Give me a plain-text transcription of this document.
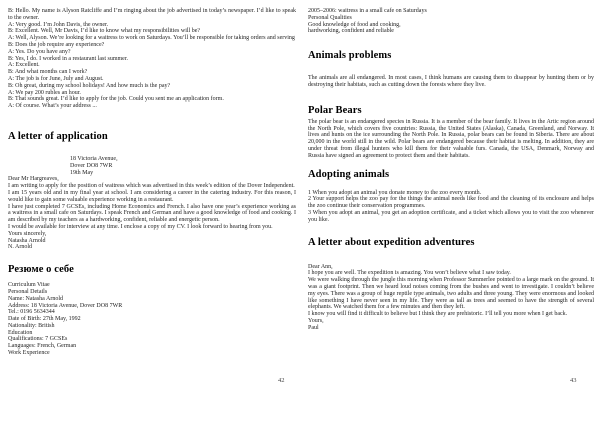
B: Hello. My name is Alyson Ratcliffe and I’m ringing about the job advertised in today’s newspaper. I’d like to speak to the owner.
A: Very good. I’m John Davis, the owner.
B: Excellent. Well, Mr Davis, I’d like to know what my responsibilities will be?
A: Well, Alyson. We’re looking for a waitress to work on Saturdays. You’ll be responsible for taking orders and serving
B: Does the job require any experience?
A: Yes. Do you have any?
B: Yes, I do. I worked in a restaurant last summer.
A: Excellent.
B: And what months can I work?
A: The job is for June, July and August.
B: Oh great, during my school holidays! And how much is the pay?
A: We pay 200 rubles an hour.
B: That sounds great. I’d like to apply for the job. Could you sent me an application form.
A: Of course. What’s your address ...
A letter of application
18 Victoria Avenue,
Dover DO8 7WR
19th May
Dear Mr Hargreaves,
I am writing to apply for the position of waitress which was advertised in this week’s edition of the Dover Independent.
I am 15 years old and in my final year at school. I am considering a career in the catering industry. For this reason, I would like to gain some valuable experience working in a restaurant.
I have just completed 7 GCSEs, including Home Economics and French. I also have one year’s experience working as a waitress in a small cafe on Saturdays. I speak French and German and have a good knowledge of food and cooking. I am described by my teachers as a hardworking, confident, reliable and energetic person.
I would be available for interview at any time. I enclose a copy of my CV. I look forward to hearing from you.
Yours sincerely,
Natasha Arnold
N. Arnold
Резюме о себе
Curriculum Vitae
Personal Details
Name: Natasha Arnold
Address: 18 Victoria Avenue, Dover DO8 7WR
Tel.: 0196 5634344
Date of Birth: 27th May, 1992
Nationality: British
Education
Qualifications: 7 GCSEs
Languages: French, German
Work Experience
2005–2006: waitress in a small cafe on Saturdays
Personal Qualities
Good knowledge of food and cooking,
hardworking, confident and reliable
Animals problems
The animals are all endangered. In most cases, I think humans are causing them to disappear by hunting them or by destroying their habitats, such as cutting down the forests where they live.
Polar Bears
The polar bear is an endangered species in Russia. It is a member of the bear family. It lives in the Artic region around the North Pole, which covers five countries: Russia, the United States (Alaska), Canada, Greenland, and Norway. It lives and hunts on the ice surrounding the North Pole. In Russia, polar bears can be found in Siberia. There are about 20,000 in the world still in the wild. Polar bears are endangered because their habitat is melting. In addition, they are under threat from illegal hunters who kill them for their valuable furs. Canada, the USA, Denmark, Norway and Russia have signed an agreement to protect them and their habitats.
Adopting animals
1 When you adopt an animal you donate money to the zoo every month.
2 Your support helps the zoo pay for the things the animal needs like food and the cleaning of its enclosure and helps the zoo continue their conservation programmes.
3 When you adopt an animal, you get an adoption certificate, and a ticket which allows you to visit the zoo whenever you like.
A letter about expedition adventures
Dear Ann,
I hope you are well. The expedition is amazing. You won’t believe what I saw today.
We were walking through the jungle this morning when Professor Summerlee pointed to a large mark on the ground. It was a giant footprint. Then we heard loud noises coming from the bushes and went to investigate. I couldn’t believe my eyes. There was a group of huge reptile type animals, two adults and three young. They were enormous and looked like something I have never seen in my life. They were as tall as trees and seemed to have the strength of several elephants. We watched them for a few minutes and then they left.
I know you will find it difficult to believe but I think they are prehistoric. I’ll tell you more when I get back.
Yours,
Paul
42	43
